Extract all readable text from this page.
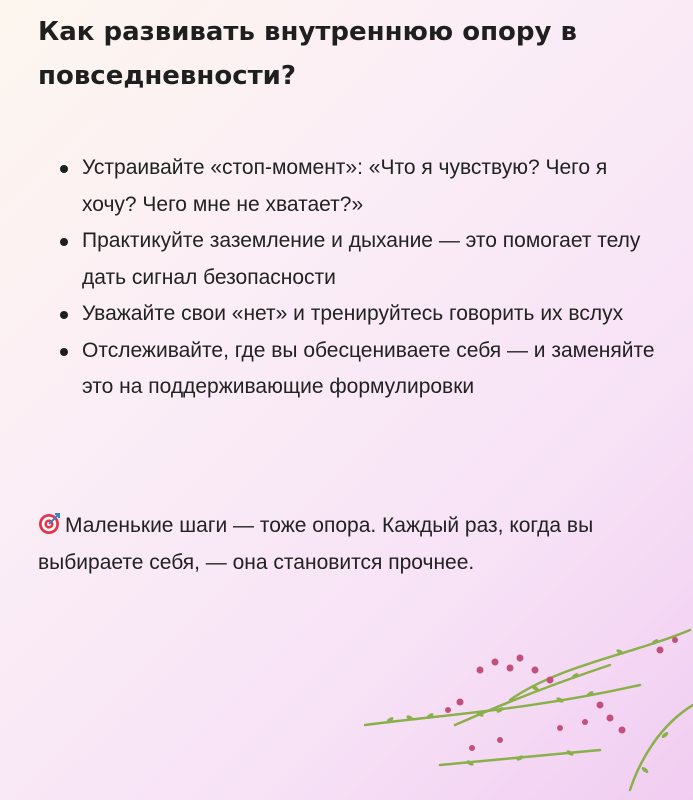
Как развивать внутреннюю опору в повседневности?
Устраивайте «стоп-момент»: «Что я чувствую? Чего я хочу? Чего мне не хватает?»
Практикуйте заземление и дыхание — это помогает телу дать сигнал безопасности
Уважайте свои «нет» и тренируйтесь говорить их вслух
Отслеживайте, где вы обесцениваете себя — и заменяйте это на поддерживающие формулировки

Маленькие шаги — тоже опора. Каждый раз, когда вы выбираете себя, — она становится прочнее.
